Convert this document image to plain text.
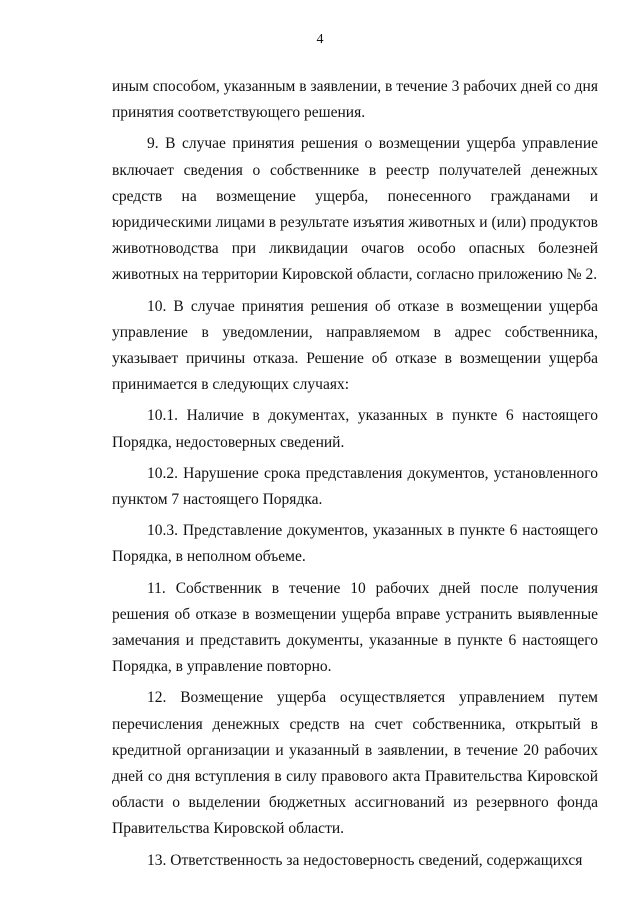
4

иным способом, указанным в заявлении, в течение 3 рабочих дней со дня принятия соответствующего решения.

9. В случае принятия решения о возмещении ущерба управление включает сведения о собственнике в реестр получателей денежных средств на возмещение ущерба, понесенного гражданами и юридическими лицами в результате изъятия животных и (или) продуктов животноводства при ликвидации очагов особо опасных болезней животных на территории Кировской области, согласно приложению № 2.

10. В случае принятия решения об отказе в возмещении ущерба управление в уведомлении, направляемом в адрес собственника, указывает причины отказа. Решение об отказе в возмещении ущерба принимается в следующих случаях:

10.1. Наличие в документах, указанных в пункте 6 настоящего Порядка, недостоверных сведений.

10.2. Нарушение срока представления документов, установленного пунктом 7 настоящего Порядка.

10.3. Представление документов, указанных в пункте 6 настоящего Порядка, в неполном объеме.

11. Собственник в течение 10 рабочих дней после получения решения об отказе в возмещении ущерба вправе устранить выявленные замечания и представить документы, указанные в пункте 6 настоящего Порядка, в управление повторно.

12. Возмещение ущерба осуществляется управлением путем перечисления денежных средств на счет собственника, открытый в кредитной организации и указанный в заявлении, в течение 20 рабочих дней со дня вступления в силу правового акта Правительства Кировской области о выделении бюджетных ассигнований из резервного фонда Правительства Кировской области.

13. Ответственность за недостоверность сведений, содержащихся
